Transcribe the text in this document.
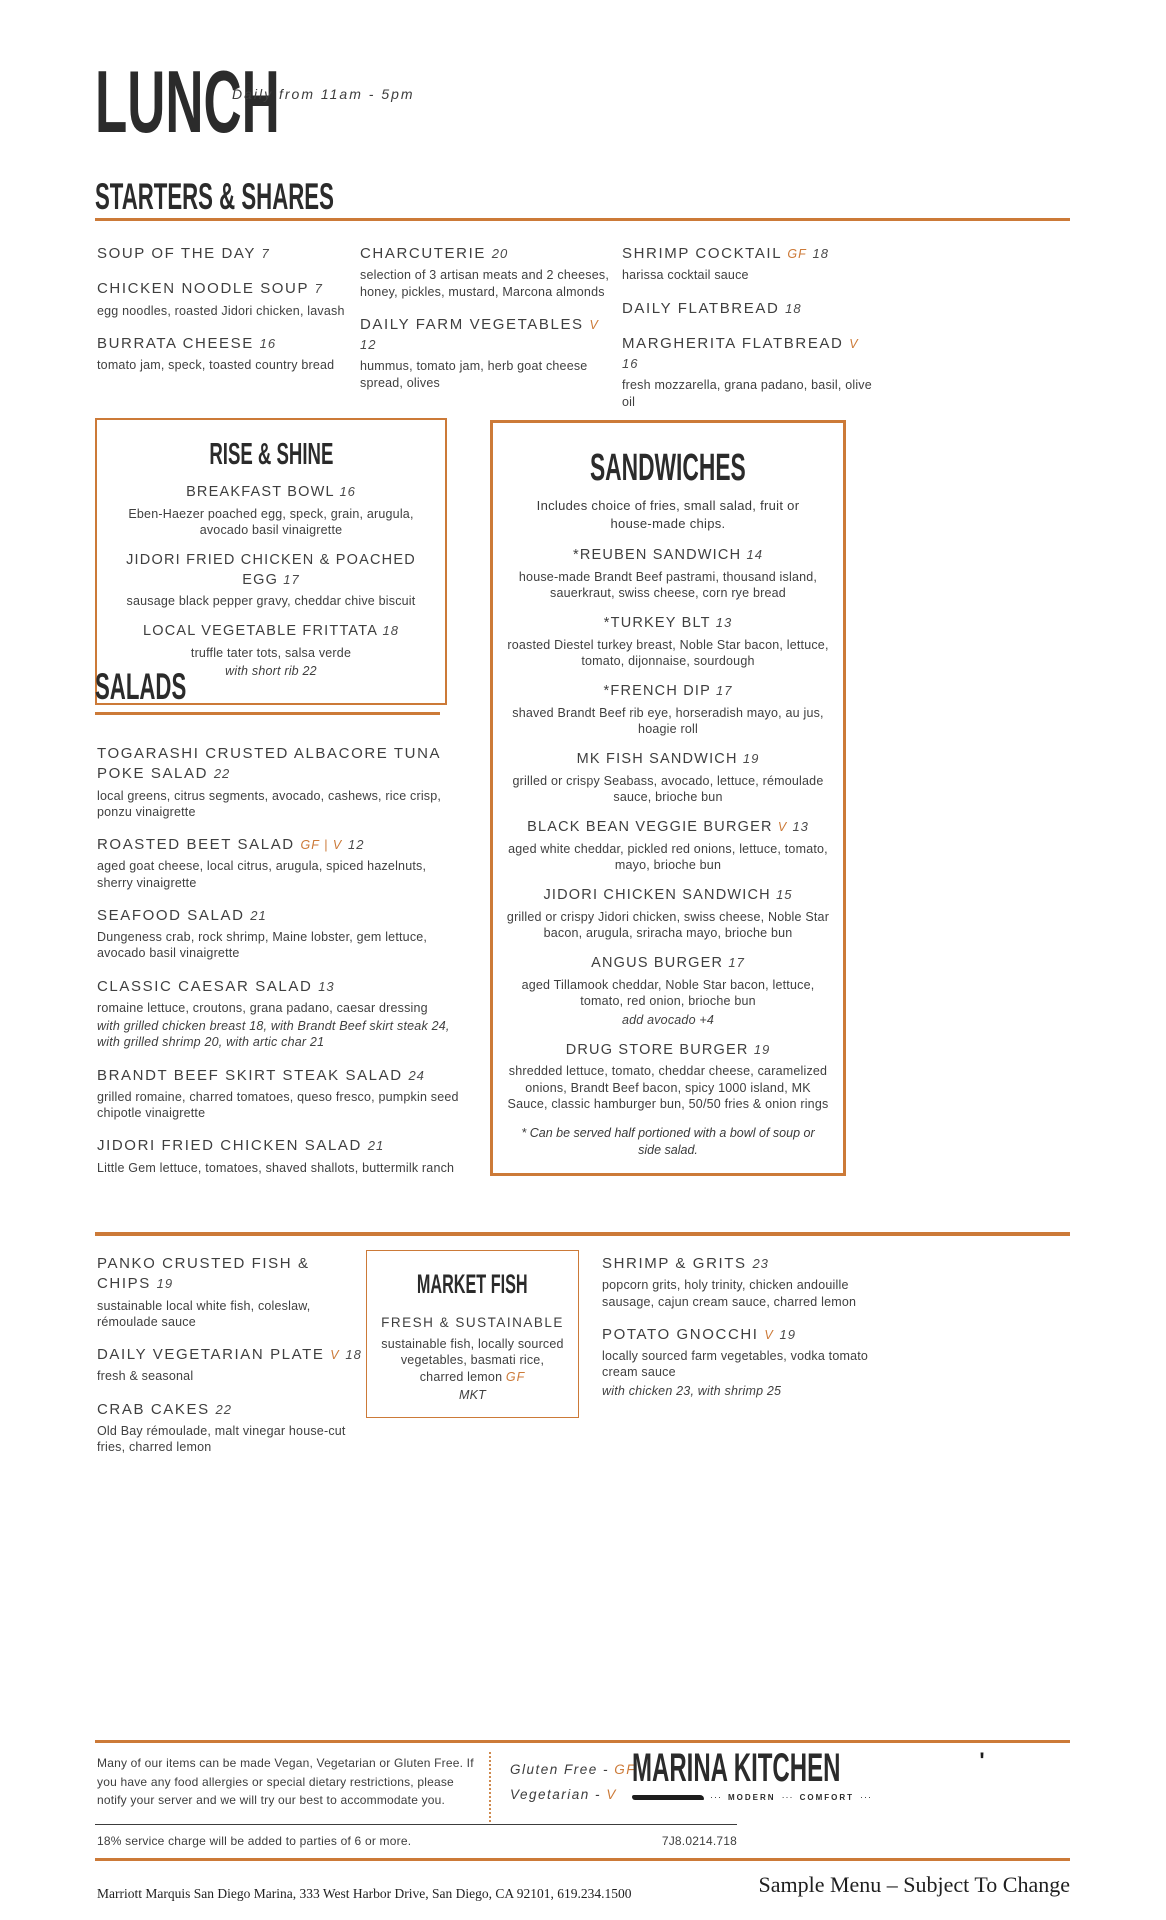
LUNCH
Daily from 11am - 5pm
STARTERS & SHARES
SOUP OF THE DAY 7
CHICKEN NOODLE SOUP 7
egg noodles, roasted Jidori chicken, lavash
BURRATA CHEESE 16
tomato jam, speck, toasted country bread
CHARCUTERIE 20
selection of 3 artisan meats and 2 cheeses, honey, pickles, mustard, Marcona almonds
DAILY FARM VEGETABLES V 12
hummus, tomato jam, herb goat cheese spread, olives
SHRIMP COCKTAIL GF 18
harissa cocktail sauce
DAILY FLATBREAD 18
MARGHERITA FLATBREAD V 16
fresh mozzarella, grana padano, basil, olive oil
RISE & SHINE
BREAKFAST BOWL 16
Eben-Haezer poached egg, speck, grain, arugula, avocado basil vinaigrette
JIDORI FRIED CHICKEN & POACHED EGG 17
sausage black pepper gravy, cheddar chive biscuit
LOCAL VEGETABLE FRITTATA 18
truffle tater tots, salsa verde
with short rib 22
SANDWICHES
Includes choice of fries, small salad, fruit or house-made chips.
*REUBEN SANDWICH 14
house-made Brandt Beef pastrami, thousand island, sauerkraut, swiss cheese, corn rye bread
*TURKEY BLT 13
roasted Diestel turkey breast, Noble Star bacon, lettuce, tomato, dijonnaise, sourdough
*FRENCH DIP 17
shaved Brandt Beef rib eye, horseradish mayo, au jus, hoagie roll
MK FISH SANDWICH 19
grilled or crispy Seabass, avocado, lettuce, rémoulade sauce, brioche bun
BLACK BEAN VEGGIE BURGER V 13
aged white cheddar, pickled red onions, lettuce, tomato, mayo, brioche bun
JIDORI CHICKEN SANDWICH 15
grilled or crispy Jidori chicken, swiss cheese, Noble Star bacon, arugula, sriracha mayo, brioche bun
ANGUS BURGER 17
aged Tillamook cheddar, Noble Star bacon, lettuce, tomato, red onion, brioche bun
add avocado +4
DRUG STORE BURGER 19
shredded lettuce, tomato, cheddar cheese, caramelized onions, Brandt Beef bacon, spicy 1000 island, MK Sauce, classic hamburger bun, 50/50 fries & onion rings
* Can be served half portioned with a bowl of soup or side salad.
SALADS
TOGARASHI CRUSTED ALBACORE TUNA POKE SALAD 22
local greens, citrus segments, avocado, cashews, rice crisp, ponzu vinaigrette
ROASTED BEET SALAD GF | V 12
aged goat cheese, local citrus, arugula, spiced hazelnuts, sherry vinaigrette
SEAFOOD SALAD 21
Dungeness crab, rock shrimp, Maine lobster, gem lettuce, avocado basil vinaigrette
CLASSIC CAESAR SALAD 13
romaine lettuce, croutons, grana padano, caesar dressing
with grilled chicken breast 18, with Brandt Beef skirt steak 24, with grilled shrimp 20, with artic char 21
BRANDT BEEF SKIRT STEAK SALAD 24
grilled romaine, charred tomatoes, queso fresco, pumpkin seed chipotle vinaigrette
JIDORI FRIED CHICKEN SALAD 21
Little Gem lettuce, tomatoes, shaved shallots, buttermilk ranch
PANKO CRUSTED FISH & CHIPS 19
sustainable local white fish, coleslaw, rémoulade sauce
DAILY VEGETARIAN PLATE V 18
fresh & seasonal
CRAB CAKES 22
Old Bay rémoulade, malt vinegar house-cut fries, charred lemon
MARKET FISH
FRESH & SUSTAINABLE
sustainable fish, locally sourced vegetables, basmati rice, charred lemon GF
MKT
SHRIMP & GRITS 23
popcorn grits, holy trinity, chicken andouille sausage, cajun cream sauce, charred lemon
POTATO GNOCCHI V 19
locally sourced farm vegetables, vodka tomato cream sauce
with chicken 23, with shrimp 25
Many of our items can be made Vegan, Vegetarian or Gluten Free. If you have any food allergies or special dietary restrictions, please notify your server and we will try our best to accommodate you.
Gluten Free - GF
Vegetarian - V
MARINA KITCHEN	'
··· MODERN ··· COMFORT ···
18% service charge will be added to parties of 6 or more.	7J8.0214.718
Marriott Marquis San Diego Marina, 333 West Harbor Drive, San Diego, CA 92101, 619.234.1500	Sample Menu – Subject To Change
